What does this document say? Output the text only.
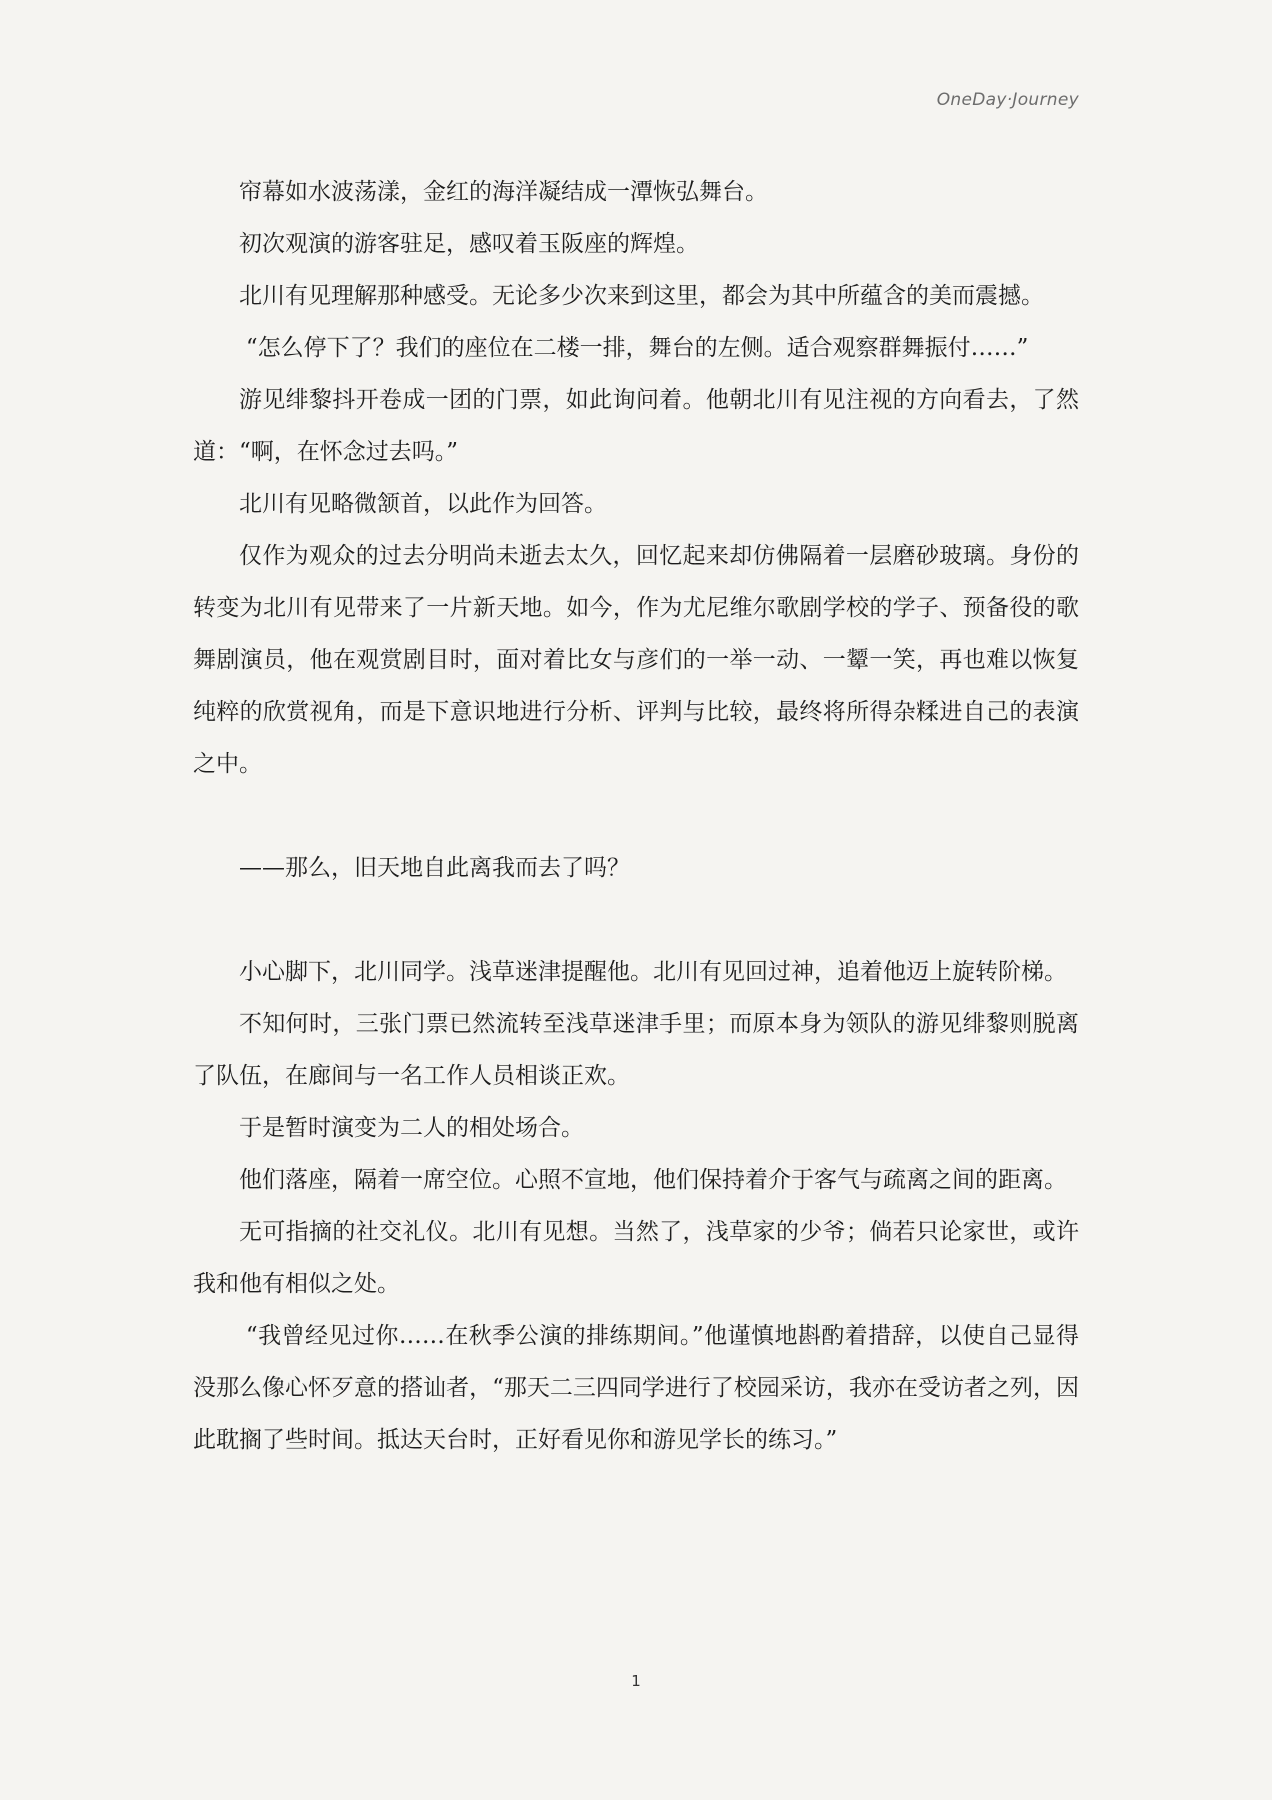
OneDay·Journey

帘幕如水波荡漾，金红的海洋凝结成一潭恢弘舞台。

初次观演的游客驻足，感叹着玉阪座的辉煌。

北川有见理解那种感受。无论多少次来到这里，都会为其中所蕴含的美而震撼。

“怎么停下了？我们的座位在二楼一排，舞台的左侧。适合观察群舞振付……”

游见绯黎抖开卷成一团的门票，如此询问着。他朝北川有见注视的方向看去，了然道：“啊，在怀念过去吗。”

北川有见略微颔首，以此作为回答。

仅作为观众的过去分明尚未逝去太久，回忆起来却仿佛隔着一层磨砂玻璃。身份的转变为北川有见带来了一片新天地。如今，作为尤尼维尔歌剧学校的学子、预备役的歌舞剧演员，他在观赏剧目时，面对着比女与彦们的一举一动、一颦一笑，再也难以恢复纯粹的欣赏视角，而是下意识地进行分析、评判与比较，最终将所得杂糅进自己的表演之中。

——那么，旧天地自此离我而去了吗？

小心脚下，北川同学。浅草迷津提醒他。北川有见回过神，追着他迈上旋转阶梯。

不知何时，三张门票已然流转至浅草迷津手里；而原本身为领队的游见绯黎则脱离了队伍，在廊间与一名工作人员相谈正欢。

于是暂时演变为二人的相处场合。

他们落座，隔着一席空位。心照不宣地，他们保持着介于客气与疏离之间的距离。

无可指摘的社交礼仪。北川有见想。当然了，浅草家的少爷；倘若只论家世，或许我和他有相似之处。

“我曾经见过你……在秋季公演的排练期间。”他谨慎地斟酌着措辞，以使自己显得没那么像心怀歹意的搭讪者，“那天二三四同学进行了校园采访，我亦在受访者之列，因此耽搁了些时间。抵达天台时，正好看见你和游见学长的练习。”

1
